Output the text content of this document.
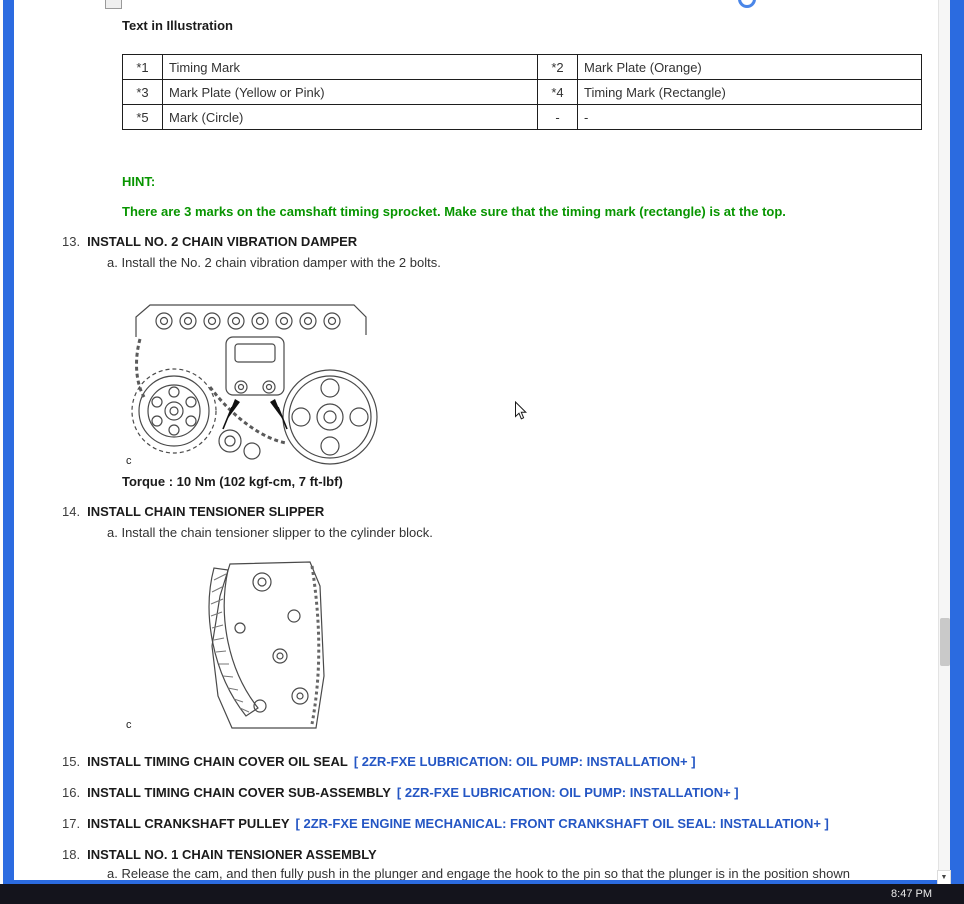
Text in Illustration
*1	Timing Mark	*2	Mark Plate (Orange)
*3	Mark Plate (Yellow or Pink)	*4	Timing Mark (Rectangle)
*5	Mark (Circle)	-	-
HINT:
There are 3 marks on the camshaft timing sprocket. Make sure that the timing mark (rectangle) is at the top.
13. INSTALL NO. 2 CHAIN VIBRATION DAMPER
a. Install the No. 2 chain vibration damper with the 2 bolts.
c
Torque : 10 Nm (102 kgf-cm, 7 ft-lbf)
14. INSTALL CHAIN TENSIONER SLIPPER
a. Install the chain tensioner slipper to the cylinder block.
c
15. INSTALL TIMING CHAIN COVER OIL SEAL [ 2ZR-FXE LUBRICATION: OIL PUMP: INSTALLATION+ ]
16. INSTALL TIMING CHAIN COVER SUB-ASSEMBLY [ 2ZR-FXE LUBRICATION: OIL PUMP: INSTALLATION+ ]
17. INSTALL CRANKSHAFT PULLEY [ 2ZR-FXE ENGINE MECHANICAL: FRONT CRANKSHAFT OIL SEAL: INSTALLATION+ ]
18. INSTALL NO. 1 CHAIN TENSIONER ASSEMBLY
a. Release the cam, and then fully push in the plunger and engage the hook to the pin so that the plunger is in the position shown	▼
8:47 PM
